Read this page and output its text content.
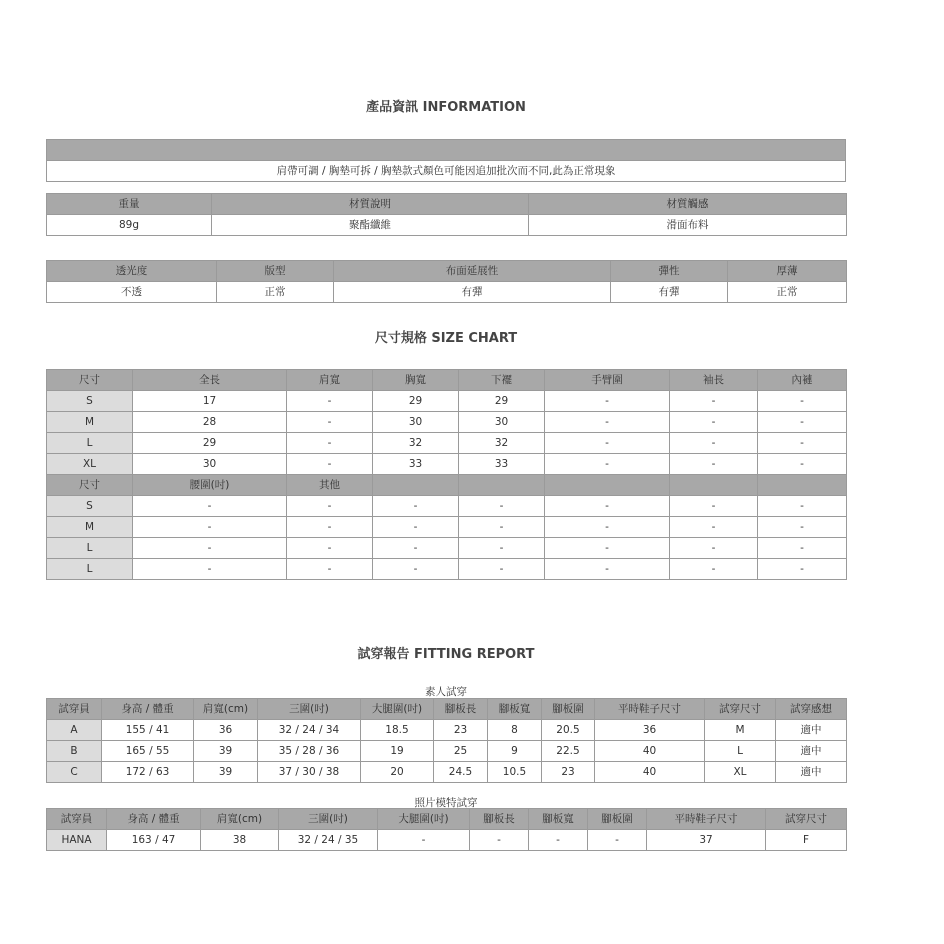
產品資訊 INFORMATION

肩帶可調 / 胸墊可拆 / 胸墊款式顏色可能因追加批次而不同,此為正常現象
重量	材質說明	材質觸感
89g	聚酯纖維	滑面布料
透光度	版型	布面延展性	彈性	厚薄
不透	正常	有彈	有彈	正常
尺寸規格 SIZE CHART
尺寸	全長	肩寬	胸寬	下襬	手臂圍	袖長	內褳
S	17	-	29	29	-	-	-
M	28	-	30	30	-	-	-
L	29	-	32	32	-	-	-
XL	30	-	33	33	-	-	-
尺寸	腰圍(吋)	其他					
S	-	-	-	-	-	-	-
M	-	-	-	-	-	-	-
L	-	-	-	-	-	-	-
L	-	-	-	-	-	-	-
試穿報告 FITTING REPORT
素人試穿
試穿員	身高 / 體重	肩寬(cm)	三圍(吋)	大腿圍(吋)	腳板長	腳板寬	腳板圍	平時鞋子尺寸	試穿尺寸	試穿感想
A	155 / 41	36	32 / 24 / 34	18.5	23	8	20.5	36	M	適中
B	165 / 55	39	35 / 28 / 36	19	25	9	22.5	40	L	適中
C	172 / 63	39	37 / 30 / 38	20	24.5	10.5	23	40	XL	適中
照片模特試穿
試穿員	身高 / 體重	肩寬(cm)	三圍(吋)	大腿圍(吋)	腳板長	腳板寬	腳板圍	平時鞋子尺寸	試穿尺寸
HANA	163 / 47	38	32 / 24 / 35	-	-	-	-	37	F
